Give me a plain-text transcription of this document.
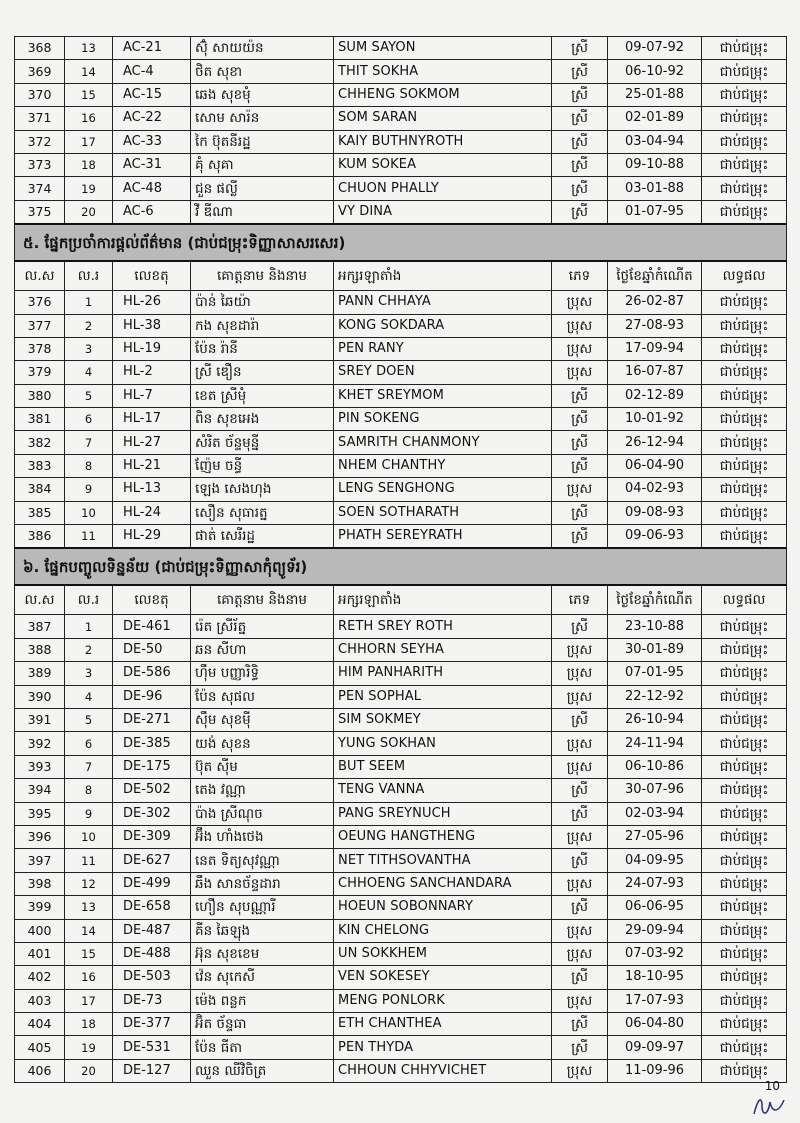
368	13	AC-21	ស៊ុំ សាយយ៉ន	SUM SAYON	ស្រី	09-07-92	ជាប់ជម្រុះ
369	14	AC-4	ថិត សុខា	THIT SOKHA	ស្រី	06-10-92	ជាប់ជម្រុះ
370	15	AC-15	ឆេង សុខមុំ	CHHENG SOKMOM	ស្រី	25-01-88	ជាប់ជម្រុះ
371	16	AC-22	សោម សារ៉ន	SOM SARAN	ស្រី	02-01-89	ជាប់ជម្រុះ
372	17	AC-33	កៃ ប៊ុតនីរដ្ឋ	KAIY BUTHNYROTH	ស្រី	03-04-94	ជាប់ជម្រុះ
373	18	AC-31	គុំ សុគា	KUM SOKEA	ស្រី	09-10-88	ជាប់ជម្រុះ
374	19	AC-48	ជួន ផល្លី	CHUON PHALLY	ស្រី	03-01-88	ជាប់ជម្រុះ
375	20	AC-6	វី ឌីណា	VY DINA	ស្រី	01-07-95	ជាប់ជម្រុះ
៥. ផ្នែកប្រចាំការផ្តល់ព័ត៌មាន (ជាប់ជម្រុះទិញ្ញាសាសរសេរ)							
ល.ស	ល.រ	លេខតុ	គោត្តនាម និងនាម	អក្សរឡាតាំង	ភេទ	ថ្ងៃខែឆ្នាំកំណើត	លទ្ធផល
376	1	HL-26	ប៉ាន់ ឆៃយ៉ា	PANN CHHAYA	ប្រុស	26-02-87	ជាប់ជម្រុះ
377	2	HL-38	កង សុខដារ៉ា	KONG SOKDARA	ប្រុស	27-08-93	ជាប់ជម្រុះ
378	3	HL-19	ប៉ែន រ៉ានី	PEN RANY	ប្រុស	17-09-94	ជាប់ជម្រុះ
379	4	HL-2	ស្រី ឌឿន	SREY DOEN	ប្រុស	16-07-87	ជាប់ជម្រុះ
380	5	HL-7	ខេត ស្រីមុំ	KHET SREYMOM	ស្រី	02-12-89	ជាប់ជម្រុះ
381	6	HL-17	ពិន សុខអេង	PIN SOKENG	ស្រី	10-01-92	ជាប់ជម្រុះ
382	7	HL-27	សំរិត ច័ន្ទមុន្នី	SAMRITH CHANMONY	ស្រី	26-12-94	ជាប់ជម្រុះ
383	8	HL-21	ញ៉ែម ចន្ធី	NHEM CHANTHY	ស្រី	06-04-90	ជាប់ជម្រុះ
384	9	HL-13	ឡេង សេងហុង	LENG SENGHONG	ប្រុស	04-02-93	ជាប់ជម្រុះ
385	10	HL-24	សឿន សុធារត្ន	SOEN SOTHARATH	ស្រី	09-08-93	ជាប់ជម្រុះ
386	11	HL-29	ផាត់ សេរីរដ្ឋ	PHATH SEREYRATH	ស្រី	09-06-93	ជាប់ជម្រុះ
៦. ផ្នែកបញ្ចូលទិន្នន័យ (ជាប់ជម្រុះទិញ្ញាសាកុំព្យូទ័រ)							
ល.ស	ល.រ	លេខតុ	គោត្តនាម និងនាម	អក្សរឡាតាំង	ភេទ	ថ្ងៃខែឆ្នាំកំណើត	លទ្ធផល
387	1	DE-461	រ៉េត ស្រីរ័ត្ន	RETH SREY ROTH	ស្រី	23-10-88	ជាប់ជម្រុះ
388	2	DE-50	ឆន សីហា	CHHORN SEYHA	ប្រុស	30-01-89	ជាប់ជម្រុះ
389	3	DE-586	ហ៊ឹម បញ្ញារិទ្ធិ	HIM PANHARITH	ប្រុស	07-01-95	ជាប់ជម្រុះ
390	4	DE-96	ប៉ែន សុផល	PEN SOPHAL	ប្រុស	22-12-92	ជាប់ជម្រុះ
391	5	DE-271	ស៊ឹម សុខម៉ី	SIM SOKMEY	ស្រី	26-10-94	ជាប់ជម្រុះ
392	6	DE-385	យង់ សុខន	YUNG SOKHAN	ប្រុស	24-11-94	ជាប់ជម្រុះ
393	7	DE-175	ប៊ុត ស៊ីម	BUT SEEM	ប្រុស	06-10-86	ជាប់ជម្រុះ
394	8	DE-502	តេង វណ្ណា	TENG VANNA	ស្រី	30-07-96	ជាប់ជម្រុះ
395	9	DE-302	ប៉ាង ស្រីណុច	PANG SREYNUCH	ស្រី	02-03-94	ជាប់ជម្រុះ
396	10	DE-309	អ៊ឹង ហាំងថេង	OEUNG HANGTHENG	ប្រុស	27-05-96	ជាប់ជម្រុះ
397	11	DE-627	នេត ទិត្យសុវណ្ណា	NET TITHSOVANTHA	ស្រី	04-09-95	ជាប់ជម្រុះ
398	12	DE-499	ឆឹង សានច័ន្ទដារា	CHHOENG SANCHANDARA	ប្រុស	24-07-93	ជាប់ជម្រុះ
399	13	DE-658	ហឿន សុបណ្ណារី	HOEUN SOBONNARY	ស្រី	06-06-95	ជាប់ជម្រុះ
400	14	DE-487	គីន ឆៃឡុង	KIN CHELONG	ប្រុស	29-09-94	ជាប់ជម្រុះ
401	15	DE-488	អ៊ុន សុខខេម	UN SOKKHEM	ប្រុស	07-03-92	ជាប់ជម្រុះ
402	16	DE-503	វ៉េន សុកេសី	VEN SOKESEY	ស្រី	18-10-95	ជាប់ជម្រុះ
403	17	DE-73	ម៉េង ពន្លក	MENG PONLORK	ប្រុស	17-07-93	ជាប់ជម្រុះ
404	18	DE-377	អ៊ិត ច័ន្ទធា	ETH CHANTHEA	ស្រី	06-04-80	ជាប់ជម្រុះ
405	19	DE-531	ប៉ែន ធីតា	PEN THYDA	ស្រី	09-09-97	ជាប់ជម្រុះ
406	20	DE-127	ឈួន ឈីវិចិត្រ	CHHOUN CHHYVICHET	ប្រុស	11-09-96	ជាប់ជម្រុះ
10
